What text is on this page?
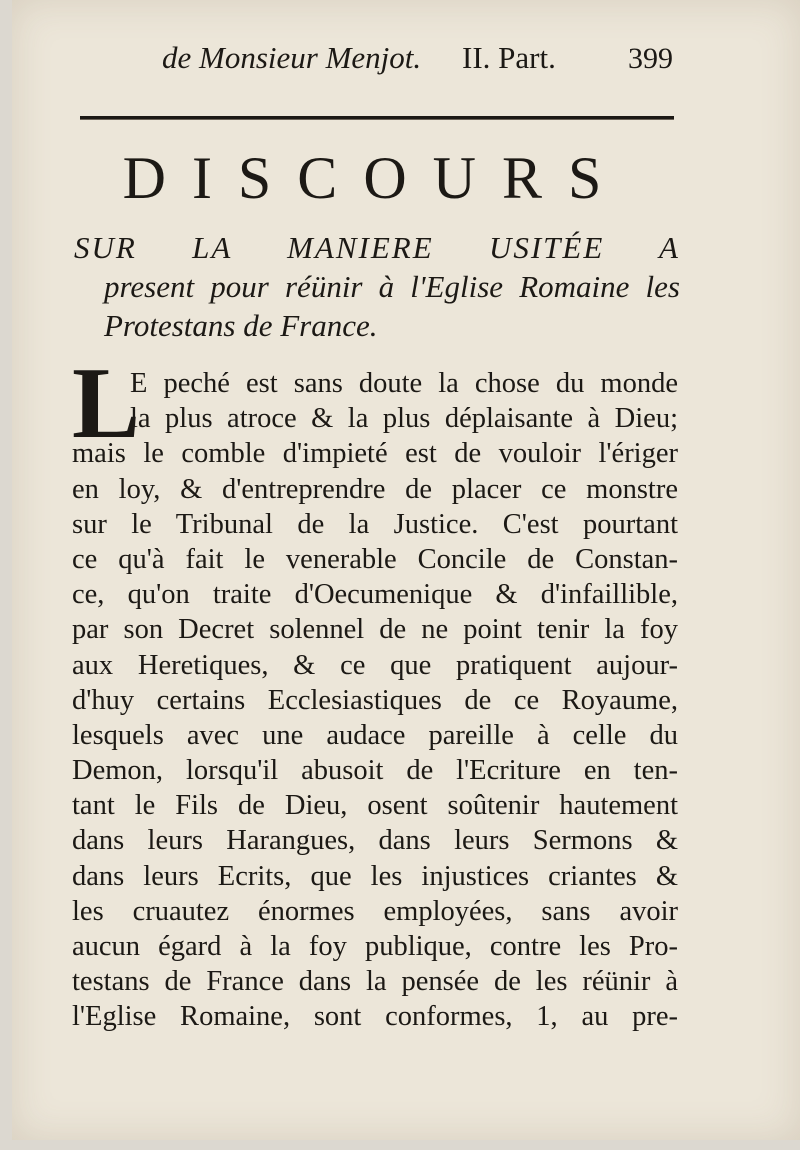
de Monsieur Menjot. II. Part. 399
DISCOURS
SUR LA MANIERE USITÉE A
present pour réünir à l'Eglise Romaine les
Protestans de France.
L
E peché est sans doute la chose du monde
la plus atroce & la plus déplaisante à Dieu;
mais le comble d'impieté est de vouloir l'ériger
en loy, & d'entreprendre de placer ce monstre
sur le Tribunal de la Justice. C'est pourtant
ce qu'à fait le venerable Concile de Constan-
ce, qu'on traite d'Oecumenique & d'infaillible,
par son Decret solennel de ne point tenir la foy
aux Heretiques, & ce que pratiquent aujour-
d'huy certains Ecclesiastiques de ce Royaume,
lesquels avec une audace pareille à celle du
Demon, lorsqu'il abusoit de l'Ecriture en ten-
tant le Fils de Dieu, osent soûtenir hautement
dans leurs Harangues, dans leurs Sermons &
dans leurs Ecrits, que les injustices criantes &
les cruautez énormes employées, sans avoir
aucun égard à la foy publique, contre les Pro-
testans de France dans la pensée de les réünir à
l'Eglise Romaine, sont conformes, 1, au pre-
